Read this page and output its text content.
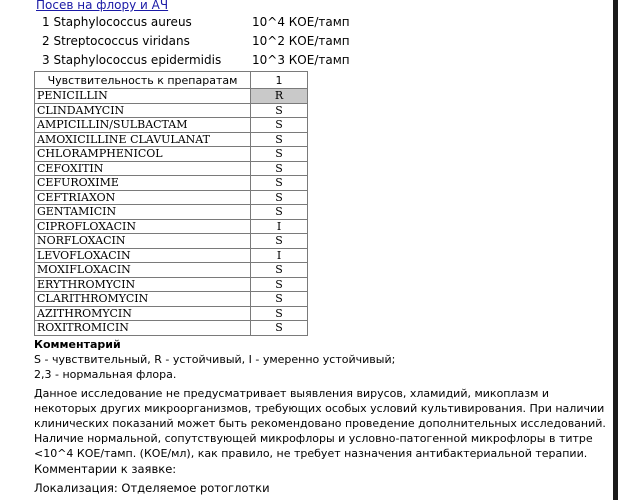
Посев на флору и АЧ
1 Staphylococcus aureus	10^4 КОЕ/тамп
2 Streptococcus viridans	10^2 КОЕ/тамп
3 Staphylococcus epidermidis	10^3 КОЕ/тамп
Чувствительность к препаратам	1
PENICILLIN	R
CLINDAMYCIN	S
AMPICILLIN/SULBACTAM	S
AMOXICILLINE CLAVULANAT	S
CHLORAMPHENICOL	S
CEFOXITIN	S
CEFUROXIME	S
CEFTRIAXON	S
GENTAMICIN	S
CIPROFLOXACIN	I
NORFLOXACIN	S
LEVOFLOXACIN	I
MOXIFLOXACIN	S
ERYTHROMYCIN	S
CLARITHROMYCIN	S
AZITHROMYCIN	S
ROXITROMICIN	S

Комментарий

S - чувствительный, R - устойчивый, I - умеренно устойчивый;

2,3 - нормальная флора.

Данное исследование не предусматривает выявления вирусов, хламидий, микоплазм и некоторых других микроорганизмов, требующих особых условий культивирования. При наличии клинических показаний может быть рекомендовано проведение дополнительных исследований.

Наличие нормальной, сопутствующей микрофлоры и условно-патогенной микрофлоры в титре <10^4 КОЕ/тамп. (КОЕ/мл), как правило, не требует назначения антибактериальной терапии.

Комментарии к заявке:
Локализация: Отделяемое ротоглотки
